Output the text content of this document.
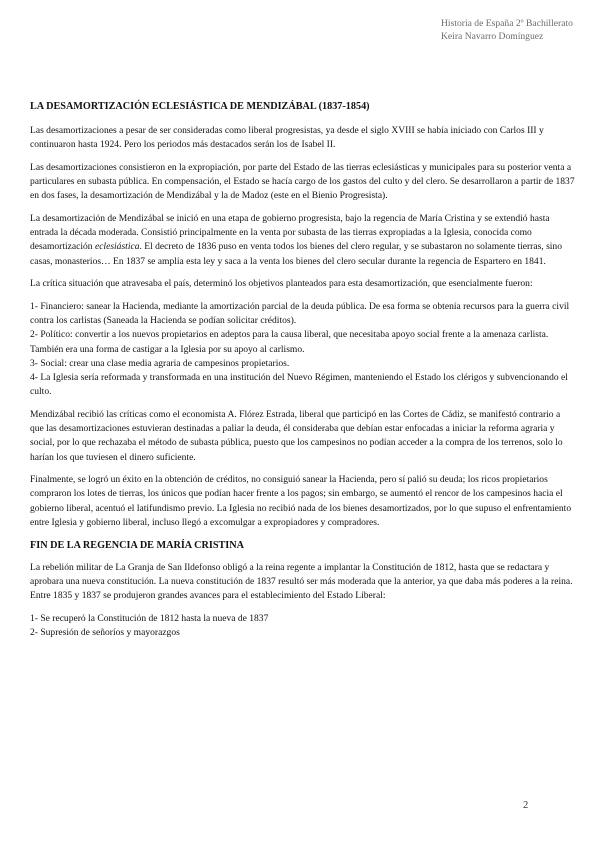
Historia de España 2º Bachillerato
Keira Navarro Domínguez
LA DESAMORTIZACIÓN ECLESIÁSTICA DE MENDIZÁBAL (1837-1854)

Las desamortizaciones a pesar de ser consideradas como liberal progresistas, ya desde el siglo XVIII se había iniciado con Carlos III y continuaron hasta 1924. Pero los periodos más destacados serán los de Isabel II.

Las desamortizaciones consistieron en la expropiación, por parte del Estado de las tierras eclesiásticas y municipales para su posterior venta a particulares en subasta pública. En compensación, el Estado se hacía cargo de los gastos del culto y del clero. Se desarrollaron a partir de 1837 en dos fases, la desamortización de Mendizábal y la de Madoz (este en el Bienio Progresista).

La desamortización de Mendizábal se inició en una etapa de gobierno progresista, bajo la regencia de María Cristina y se extendió hasta entrada la década moderada. Consistió principalmente en la venta por subasta de las tierras expropiadas a la Iglesia, conocida como desamortización eclesiástica. El decreto de 1836 puso en venta todos los bienes del clero regular, y se subastaron no solamente tierras, sino casas, monasterios… En 1837 se amplía esta ley y saca a la venta los bienes del clero secular durante la regencia de Espartero en 1841.

La crítica situación que atravesaba el país, determinó los objetivos planteados para esta desamortización, que esencialmente fueron:

1- Financiero: sanear la Hacienda, mediante la amortización parcial de la deuda pública. De esa forma se obtenía recursos para la guerra civil contra los carlistas (Saneada la Hacienda se podían solicitar créditos).
2- Político: convertir a los nuevos propietarios en adeptos para la causa liberal, que necesitaba apoyo social frente a la amenaza carlista. También era una forma de castigar a la Iglesia por su apoyo al carlismo.
3- Social: crear una clase media agraria de campesinos propietarios.
4- La Iglesia sería reformada y transformada en una institución del Nuevo Régimen, manteniendo el Estado los clérigos y subvencionando el culto.

Mendizábal recibió las críticas como el economista A. Flórez Estrada, liberal que participó en las Cortes de Cádiz, se manifestó contrario a que las desamortizaciones estuvieran destinadas a paliar la deuda, él consideraba que debían estar enfocadas a iniciar la reforma agraria y social, por lo que rechazaba el método de subasta pública, puesto que los campesinos no podían acceder a la compra de los terrenos, solo lo harían los que tuviesen el dinero suficiente.

Finalmente, se logró un éxito en la obtención de créditos, no consiguió sanear la Hacienda, pero sí palió su deuda; los ricos propietarios compraron los lotes de tierras, los únicos que podían hacer frente a los pagos; sin embargo, se aumentó el rencor de los campesinos hacia el gobierno liberal, acentuó el latifundismo previo. La Iglesia no recibió nada de los bienes desamortizados, por lo que supuso el enfrentamiento entre Iglesia y gobierno liberal, incluso llegó a excomulgar a expropiadores y compradores.

FIN DE LA REGENCIA DE MARÍA CRISTINA

La rebelión militar de La Granja de San Ildefonso obligó a la reina regente a implantar la Constitución de 1812, hasta que se redactara y aprobara una nueva constitución. La nueva constitución de 1837 resultó ser más moderada que la anterior, ya que daba más poderes a la reina. Entre 1835 y 1837 se produjeron grandes avances para el establecimiento del Estado Liberal:

1- Se recuperó la Constitución de 1812 hasta la nueva de 1837
2- Supresión de señoríos y mayorazgos
2
